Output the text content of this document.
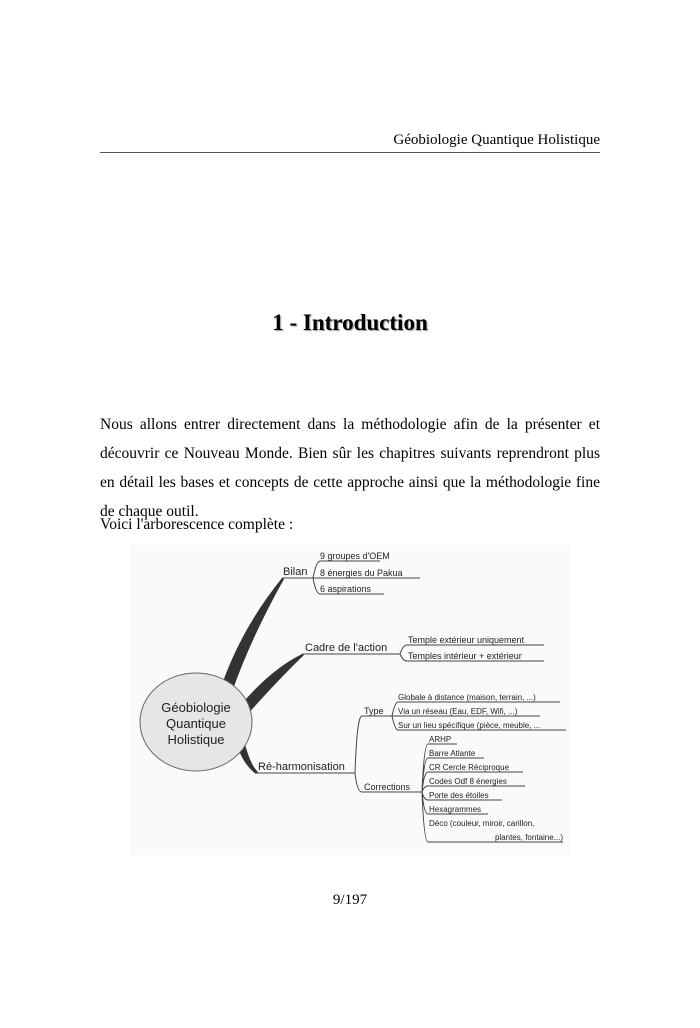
Géobiologie Quantique Holistique
1 - Introduction
Nous allons entrer directement dans la méthodologie afin de la présenter et découvrir ce Nouveau Monde. Bien sûr les chapitres suivants reprendront plus en détail les bases et concepts de cette approche ainsi que la méthodologie fine de chaque outil.
Voici l'arborescence complète :
Géobiologie
Quantique
Holistique
Bilan
9 groupes d'OEM
8 énergies du Pakua
6 aspirations
Cadre de l'action
Temple extérieur uniquement
Temples intérieur + extérieur
Ré-harmonisation
Type
Globale à distance (maison, terrain, ...)
Via un réseau (Eau, EDF, Wifi, ...)
Sur un lieu spécifique (pièce, meuble, ...
Corrections
ARHP
Barre Atlante
CR Cercle Réciproque
Codes Odf 8 énergies
Porte des étoiles
Hexagrammes
Déco (couleur, miroir, carillon,
plantes, fontaine...)
9/197
